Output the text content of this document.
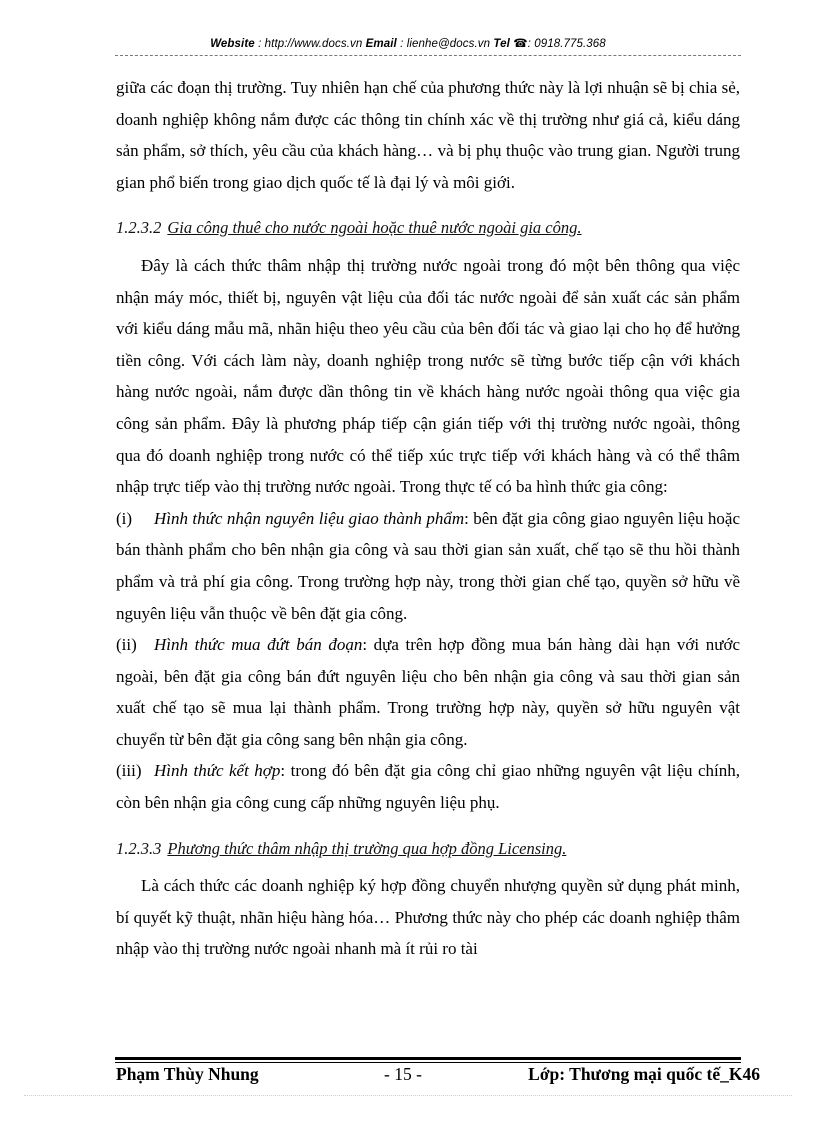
Website : http://www.docs.vn Email : lienhe@docs.vn Tel ☎: 0918.775.368

giữa các đoạn thị trường. Tuy nhiên hạn chế của phương thức này là lợi nhuận sẽ bị chia sẻ, doanh nghiệp không nắm được các thông tin chính xác về thị trường như giá cả, kiểu dáng sản phẩm, sở thích, yêu cầu của khách hàng… và bị phụ thuộc vào trung gian. Người trung gian phổ biến trong giao dịch quốc tế là đại lý và môi giới.

1.2.3.2 Gia công thuê cho nước ngoài hoặc thuê nước ngoài gia công.

Đây là cách thức thâm nhập thị trường nước ngoài trong đó một bên thông qua việc nhận máy móc, thiết bị, nguyên vật liệu của đối tác nước ngoài để sản xuất các sản phẩm với kiểu dáng mẫu mã, nhãn hiệu theo yêu cầu của bên đối tác và giao lại cho họ để hưởng tiền công. Với cách làm này, doanh nghiệp trong nước sẽ từng bước tiếp cận với khách hàng nước ngoài, nắm được dần thông tin về khách hàng nước ngoài thông qua việc gia công sản phẩm. Đây là phương pháp tiếp cận gián tiếp với thị trường nước ngoài, thông qua đó doanh nghiệp trong nước có thể tiếp xúc trực tiếp với khách hàng và có thể thâm nhập trực tiếp vào thị trường nước ngoài. Trong thực tế có ba hình thức gia công:

(i) Hình thức nhận nguyên liệu giao thành phẩm: bên đặt gia công giao nguyên liệu hoặc bán thành phẩm cho bên nhận gia công và sau thời gian sản xuất, chế tạo sẽ thu hồi thành phẩm và trả phí gia công. Trong trường hợp này, trong thời gian chế tạo, quyền sở hữu về nguyên liệu vẫn thuộc về bên đặt gia công.

(ii) Hình thức mua đứt bán đoạn: dựa trên hợp đồng mua bán hàng dài hạn với nước ngoài, bên đặt gia công bán đứt nguyên liệu cho bên nhận gia công và sau thời gian sản xuất chế tạo sẽ mua lại thành phẩm. Trong trường hợp này, quyền sở hữu nguyên vật chuyển từ bên đặt gia công sang bên nhận gia công.

(iii) Hình thức kết hợp: trong đó bên đặt gia công chỉ giao những nguyên vật liệu chính, còn bên nhận gia công cung cấp những nguyên liệu phụ.

1.2.3.3 Phương thức thâm nhập thị trường qua hợp đồng Licensing.

Là cách thức các doanh nghiệp ký hợp đồng chuyển nhượng quyền sử dụng phát minh, bí quyết kỹ thuật, nhãn hiệu hàng hóa… Phương thức này cho phép các doanh nghiệp thâm nhập vào thị trường nước ngoài nhanh mà ít rủi ro tài

Phạm Thùy Nhung	- 15 -	Lớp: Thương mại quốc tế_K46
